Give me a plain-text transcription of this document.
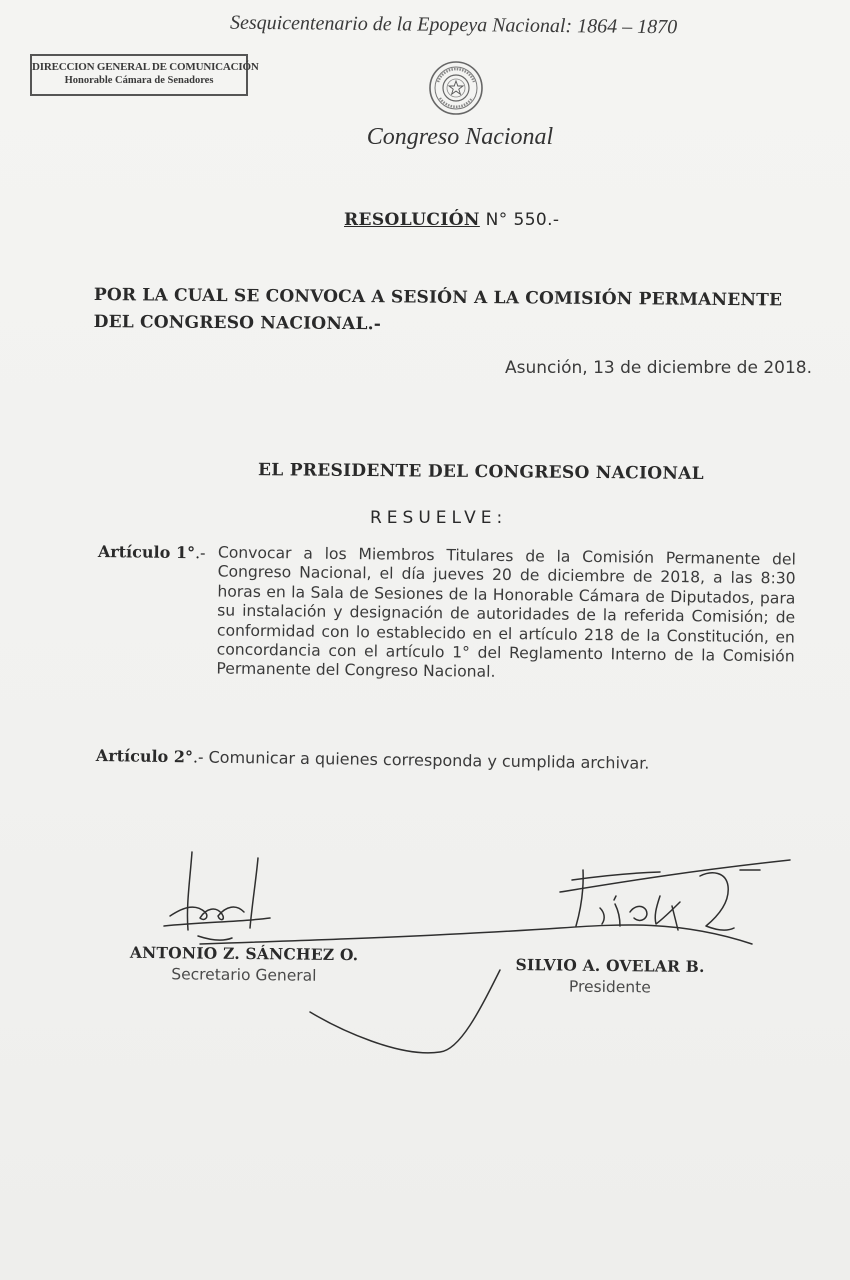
Sesquicentenario de la Epopeya Nacional: 1864 – 1870
DIRECCION GENERAL DE COMUNICACIÓN
Honorable Cámara de Senadores
Congreso Nacional
RESOLUCIÓN N° 550.-
POR LA CUAL SE CONVOCA A SESIÓN A LA COMISIÓN PERMANENTE DEL CONGRESO NACIONAL.-
Asunción, 13 de diciembre de 2018.
EL PRESIDENTE DEL CONGRESO NACIONAL
RESUELVE:
Artículo 1°.- Convocar a los Miembros Titulares de la Comisión Permanente del Congreso Nacional, el día jueves 20 de diciembre de 2018, a las 8:30 horas en la Sala de Sesiones de la Honorable Cámara de Diputados, para su instalación y designación de autoridades de la referida Comisión; de conformidad con lo establecido en el artículo 218 de la Constitución, en concordancia con el artículo 1° del Reglamento Interno de la Comisión Permanente del Congreso Nacional.
Artículo 2°.- Comunicar a quienes corresponda y cumplida archivar.
ANTONIO Z. SÁNCHEZ O.
Secretario General	SILVIO A. OVELAR B.
Presidente
